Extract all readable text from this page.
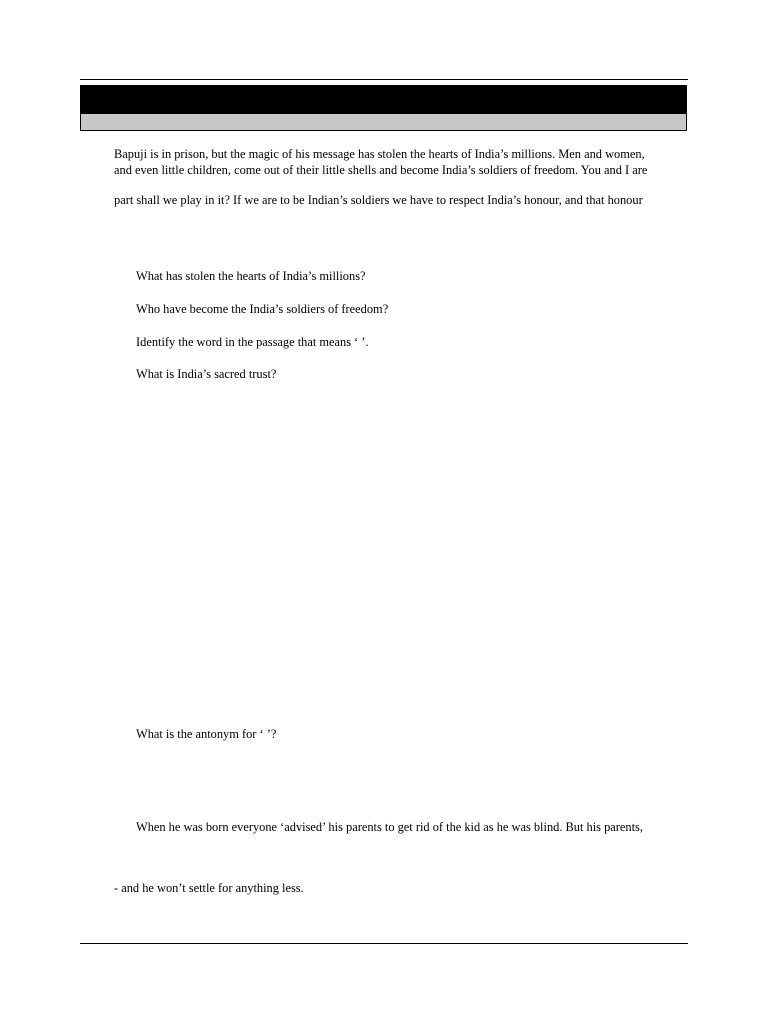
Bapuji is in prison, but the magic of his message has stolen the hearts of India’s millions. Men and women,
and even little children, come out of their little shells and become India’s soldiers of freedom. You and I are
part shall we play in it? If we are to be Indian’s soldiers we have to respect India’s honour, and that honour
What has stolen the hearts of India’s millions?
Who have become the India’s soldiers of freedom?
Identify the word in the passage that means ‘ ’.
What is India’s sacred trust?
What is the antonym for ‘ ’?
When he was born everyone ‘advised’ his parents to get rid of the kid as he was blind. But his parents,
- and he won’t settle for anything less.
